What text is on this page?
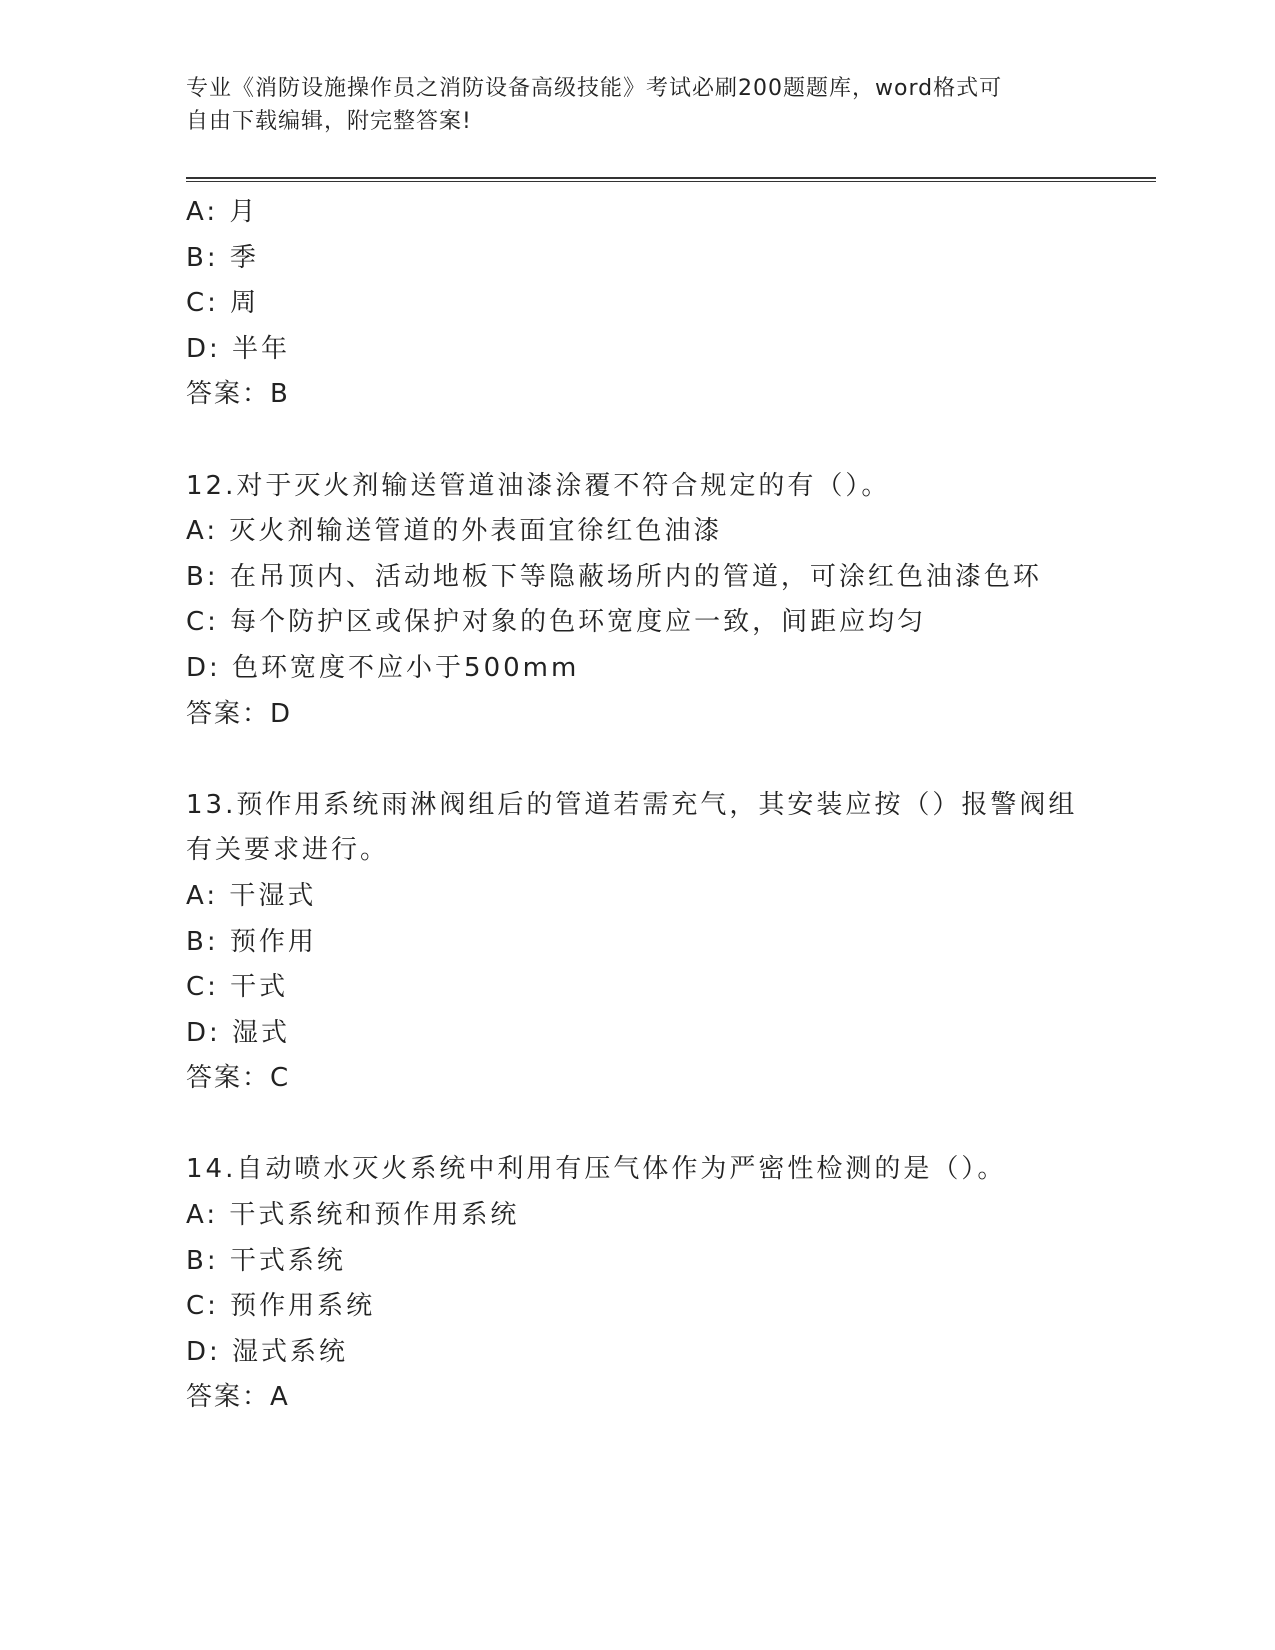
专业《消防设施操作员之消防设备高级技能》考试必刷200题题库，word格式可
自由下载编辑，附完整答案!

A: 月

B: 季

C: 周

D: 半年

答案：B

12.对于灭火剂输送管道油漆涂覆不符合规定的有（）。

A: 灭火剂输送管道的外表面宜徐红色油漆

B: 在吊顶内、活动地板下等隐蔽场所内的管道，可涂红色油漆色环

C: 每个防护区或保护对象的色环宽度应一致，间距应均匀

D: 色环宽度不应小于500mm

答案：D

13.预作用系统雨淋阀组后的管道若需充气，其安装应按（）报警阀组

有关要求进行。

A: 干湿式

B: 预作用

C: 干式

D: 湿式

答案：C

14.自动喷水灭火系统中利用有压气体作为严密性检测的是（）。

A: 干式系统和预作用系统

B: 干式系统

C: 预作用系统

D: 湿式系统

答案：A
